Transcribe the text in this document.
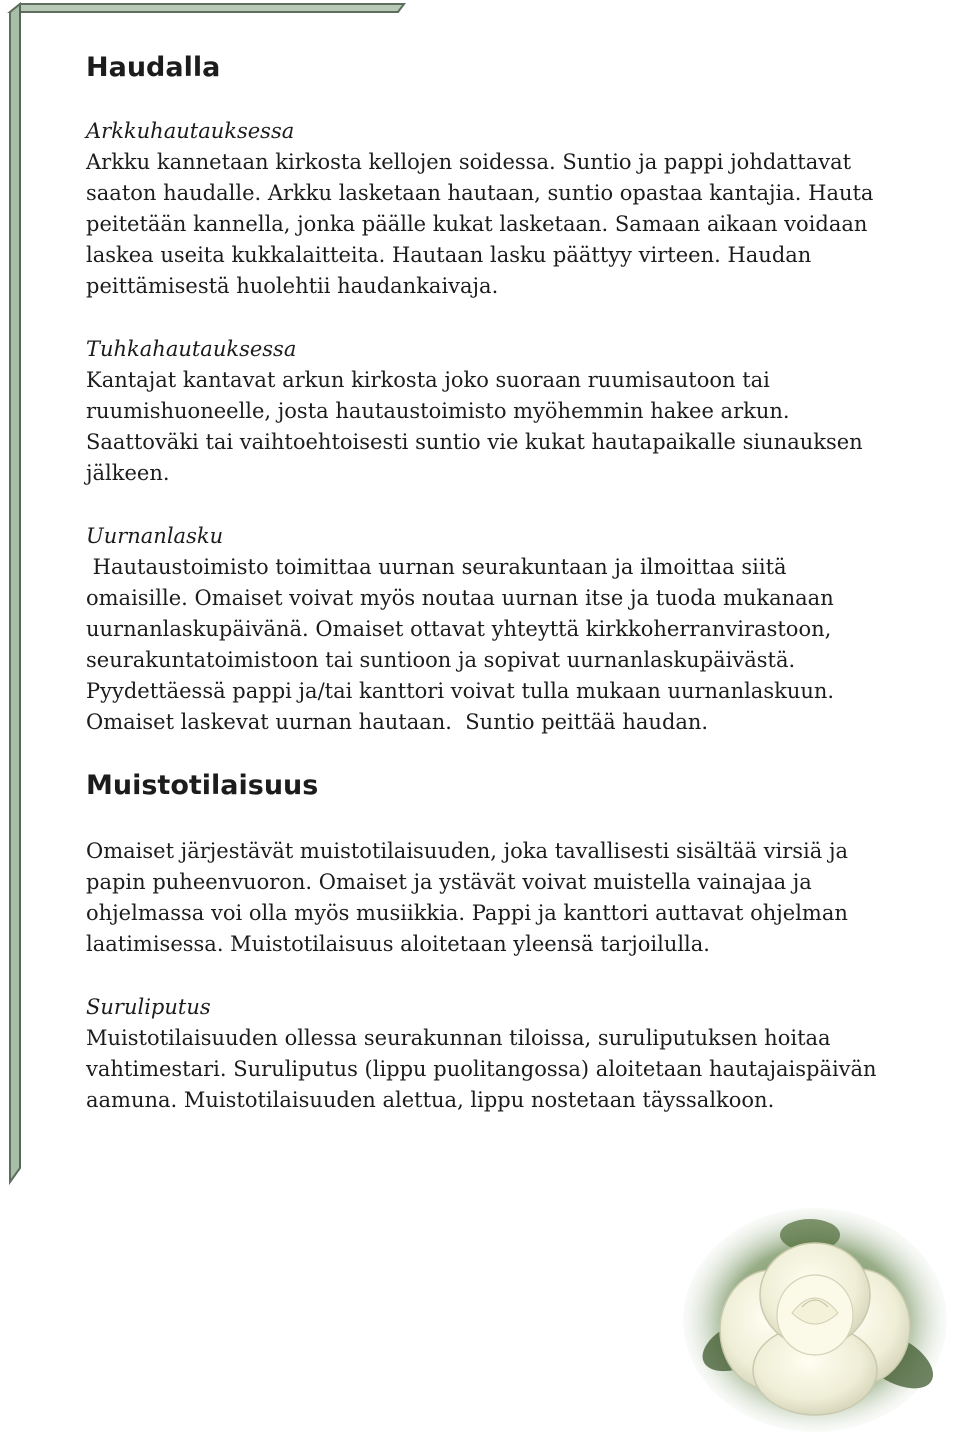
Haudalla

Arkkuhautauksessa

Arkku kannetaan kirkosta kellojen soidessa. Suntio ja pappi johdattavat

saaton haudalle. Arkku lasketaan hautaan, suntio opastaa kantajia. Hauta

peitetään kannella, jonka päälle kukat lasketaan. Samaan aikaan voidaan

laskea useita kukkalaitteita. Hautaan lasku päättyy virteen. Haudan

peittämisestä huolehtii haudankaivaja.

Tuhkahautauksessa

Kantajat kantavat arkun kirkosta joko suoraan ruumisautoon tai

ruumishuoneelle, josta hautaustoimisto myöhemmin hakee arkun.

Saattoväki tai vaihtoehtoisesti suntio vie kukat hautapaikalle siunauksen

jälkeen.

Uurnanlasku

Hautaustoimisto toimittaa uurnan seurakuntaan ja ilmoittaa siitä

omaisille. Omaiset voivat myös noutaa uurnan itse ja tuoda mukanaan

uurnanlaskupäivänä. Omaiset ottavat yhteyttä kirkkoherranvirastoon,

seurakuntatoimistoon tai suntioon ja sopivat uurnanlaskupäivästä.

Pyydettäessä pappi ja/tai kanttori voivat tulla mukaan uurnanlaskuun.

Omaiset laskevat uurnan hautaan.  Suntio peittää haudan.

Muistotilaisuus

Omaiset järjestävät muistotilaisuuden, joka tavallisesti sisältää virsiä ja

papin puheenvuoron. Omaiset ja ystävät voivat muistella vainajaa ja

ohjelmassa voi olla myös musiikkia. Pappi ja kanttori auttavat ohjelman

laatimisessa. Muistotilaisuus aloitetaan yleensä tarjoilulla.

Suruliputus

Muistotilaisuuden ollessa seurakunnan tiloissa, suruliputuksen hoitaa

vahtimestari. Suruliputus (lippu puolitangossa) aloitetaan hautajaispäivän

aamuna. Muistotilaisuuden alettua, lippu nostetaan täyssalkoon.
